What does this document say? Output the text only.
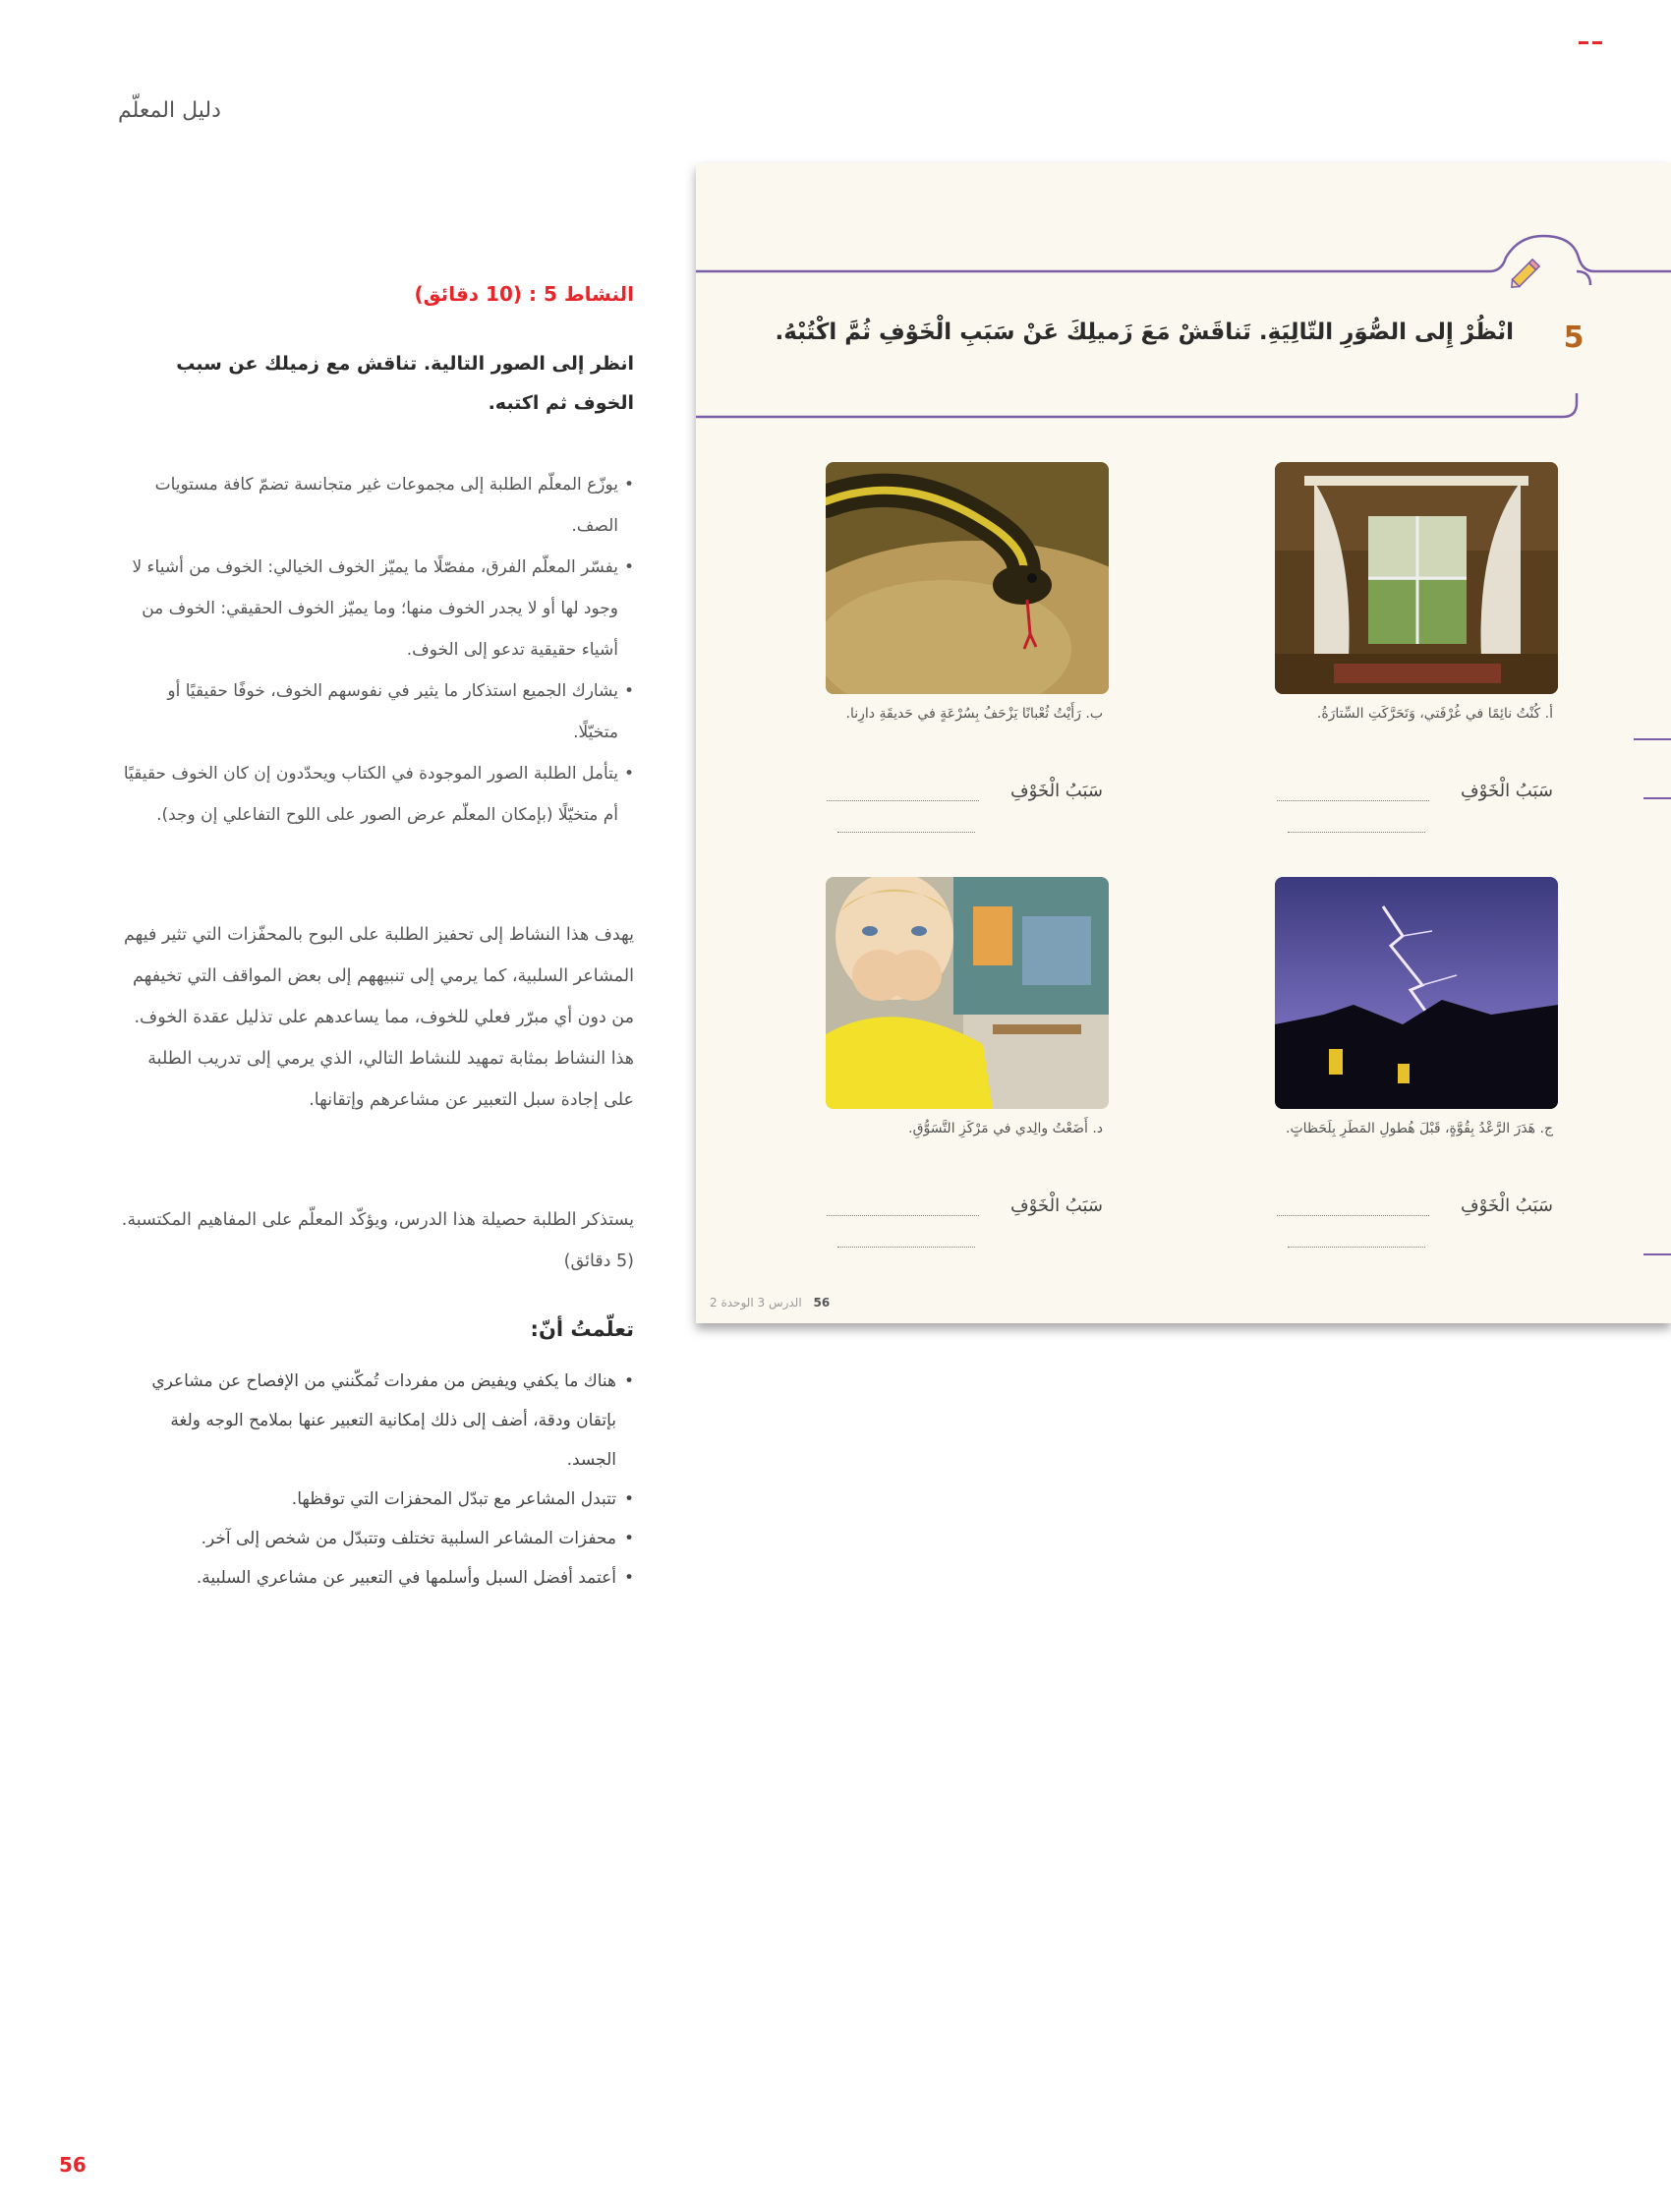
دليل المعلّم
النشاط 5 : (10 دقائق)
انظر إلى الصور التالية. تناقش مع زميلك عن سبب الخوف ثم اكتبه.
• يوزّع المعلّم الطلبة إلى مجموعات غير متجانسة تضمّ كافة مستويات الصف.
• يفسّر المعلّم الفرق، مفصّلًا ما يميّز الخوف الخيالي: الخوف من أشياء لا وجود لها أو لا يجدر الخوف منها؛ وما يميّز الخوف الحقيقي: الخوف من أشياء حقيقية تدعو إلى الخوف.
• يشارك الجميع استذكار ما يثير في نفوسهم الخوف، خوفًا حقيقيًا أو متخيّلًا.
• يتأمل الطلبة الصور الموجودة في الكتاب ويحدّدون إن كان الخوف حقيقيًا أم متخيّلًا (بإمكان المعلّم عرض الصور على اللوح التفاعلي إن وجد).
يهدف هذا النشاط إلى تحفيز الطلبة على البوح بالمحفّزات التي تثير فيهم المشاعر السلبية، كما يرمي إلى تنبيههم إلى بعض المواقف التي تخيفهم من دون أي مبرّر فعلي للخوف، مما يساعدهم على تذليل عقدة الخوف. هذا النشاط بمثابة تمهيد للنشاط التالي، الذي يرمي إلى تدريب الطلبة على إجادة سبل التعبير عن مشاعرهم وإتقانها.
يستذكر الطلبة حصيلة هذا الدرس، ويؤكّد المعلّم على المفاهيم المكتسبة. (5 دقائق)
تعلّمتُ أنّ:
• هناك ما يكفي ويفيض من مفردات تُمكّنني من الإفصاح عن مشاعري بإتقان ودقة، أضف إلى ذلك إمكانية التعبير عنها بملامح الوجه ولغة الجسد.
• تتبدل المشاعر مع تبدّل المحفزات التي توقظها.
• محفزات المشاعر السلبية تختلف وتتبدّل من شخص إلى آخر.
• أعتمد أفضل السبل وأسلمها في التعبير عن مشاعري السلبية.
5
انْظُرْ إِلى الصُّوَرِ التّالِيَةِ. تَناقَشْ مَعَ زَميلِكَ عَنْ سَبَبِ الْخَوْفِ ثُمَّ اكْتُبْهُ.
أ. كُنْتُ نائِمًا في غُرْفَتي، وَتَحَرَّكَتِ السِّتارَةُ.
سَبَبُ الْخَوْفِ
ب. رَأَيْتُ ثُعْبانًا يَزْحَفُ بِسُرْعَةٍ في حَديقَةِ دارِنا.
سَبَبُ الْخَوْفِ
ج. هَدَرَ الرَّعْدُ بِقُوَّةٍ، قَبْلَ هُطولِ المَطَرِ بِلَحَظاتٍ.
سَبَبُ الْخَوْفِ
د. أَضَعْتُ والِدي في مَرْكَزِ التَّسَوُّقِ.
سَبَبُ الْخَوْفِ
56 الدرس 3 الوحدة 2
56
